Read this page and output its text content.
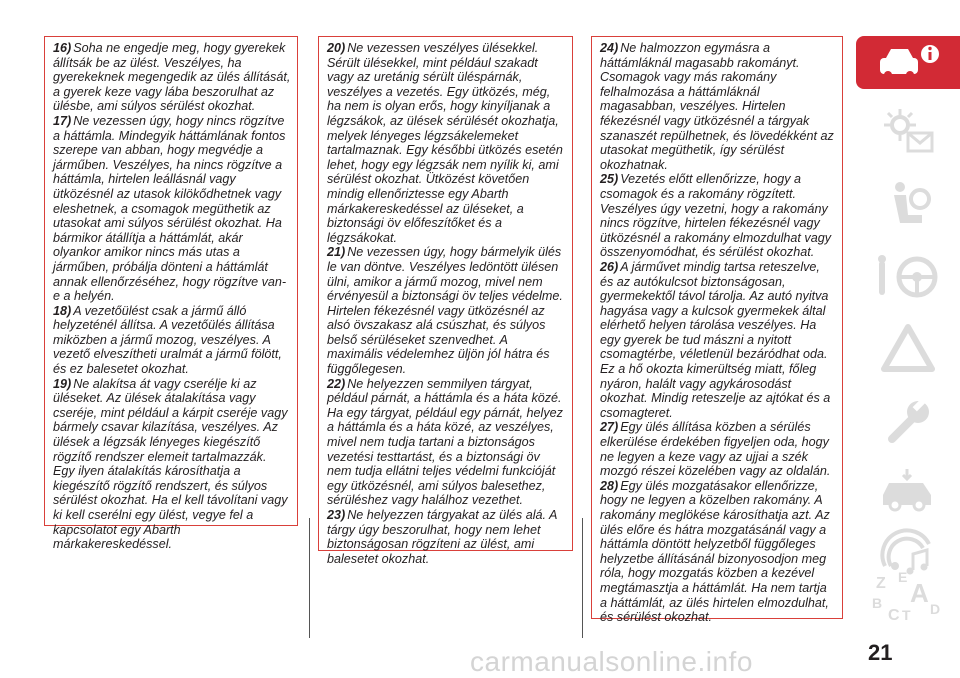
16) Soha ne engedje meg, hogy gyerekek állítsák be az ülést. Veszélyes, ha gyerekeknek megengedik az ülés állítását, a gyerek keze vagy lába beszorulhat az ülésbe, ami súlyos sérülést okozhat.

17) Ne vezessen úgy, hogy nincs rögzítve a háttámla. Mindegyik háttámlának fontos szerepe van abban, hogy megvédje a járműben. Veszélyes, ha nincs rögzítve a háttámla, hirtelen leállásnál vagy ütközésnél az utasok kilökődhetnek vagy eleshetnek, a csomagok megüthetik az utasokat ami súlyos sérülést okozhat. Ha bármikor átállítja a háttámlát, akár olyankor amikor nincs más utas a járműben, próbálja dönteni a háttámlát annak ellenőrzéséhez, hogy rögzítve van-e a helyén.

18) A vezetőülést csak a jármű álló helyzeténél állítsa. A vezetőülés állítása miközben a jármű mozog, veszélyes. A vezető elveszítheti uralmát a jármű fölött, és ez balesetet okozhat.

19) Ne alakítsa át vagy cserélje ki az üléseket. Az ülések átalakítása vagy cseréje, mint például a kárpit cseréje vagy bármely csavar kilazítása, veszélyes. Az ülések a légzsák lényeges kiegészítő rögzítő rendszer elemeit tartalmazzák. Egy ilyen átalakítás károsíthatja a kiegészítő rögzítő rendszert, és súlyos sérülést okozhat. Ha el kell távolítani vagy ki kell cserélni egy ülést, vegye fel a kapcsolatot egy Abarth márkakereskedéssel.

20) Ne vezessen veszélyes ülésekkel. Sérült ülésekkel, mint például szakadt vagy az uretánig sérült üléspárnák, veszélyes a vezetés. Egy ütközés, még, ha nem is olyan erős, hogy kinyíljanak a légzsákok, az ülések sérülését okozhatja, melyek lényeges légzsákelemeket tartalmaznak. Egy későbbi ütközés esetén lehet, hogy egy légzsák nem nyílik ki, ami sérülést okozhat. Ütközést követően mindig ellenőriztesse egy Abarth márkakereskedéssel az üléseket, a biztonsági öv előfeszítőket és a légzsákokat.

21) Ne vezessen úgy, hogy bármelyik ülés le van döntve. Veszélyes ledöntött ülésen ülni, amikor a jármű mozog, mivel nem érvényesül a biztonsági öv teljes védelme. Hirtelen fékezésnél vagy ütközésnél az alsó övszakasz alá csúszhat, és súlyos belső sérüléseket szenvedhet. A maximális védelemhez üljön jól hátra és függőlegesen.

22) Ne helyezzen semmilyen tárgyat, például párnát, a háttámla és a háta közé. Ha egy tárgyat, például egy párnát, helyez a háttámla és a háta közé, az veszélyes, mivel nem tudja tartani a biztonságos vezetési testtartást, és a biztonsági öv nem tudja ellátni teljes védelmi funkcióját egy ütközésnél, ami súlyos balesethez, sérüléshez vagy halálhoz vezethet.

23) Ne helyezzen tárgyakat az ülés alá. A tárgy úgy beszorulhat, hogy nem lehet biztonságosan rögzíteni az ülést, ami balesetet okozhat.

24) Ne halmozzon egymásra a háttámláknál magasabb rakományt. Csomagok vagy más rakomány felhalmozása a háttámláknál magasabban, veszélyes. Hirtelen fékezésnél vagy ütközésnél a tárgyak szanaszét repülhetnek, és lövedékként az utasokat megüthetik, így sérülést okozhatnak.

25) Vezetés előtt ellenőrizze, hogy a csomagok és a rakomány rögzített. Veszélyes úgy vezetni, hogy a rakomány nincs rögzítve, hirtelen fékezésnél vagy ütközésnél a rakomány elmozdulhat vagy összenyomódhat, és sérülést okozhat.

26) A járművet mindig tartsa reteszelve, és az autókulcsot biztonságosan, gyermekektől távol tárolja. Az autó nyitva hagyása vagy a kulcsok gyermekek által elérhető helyen tárolása veszélyes. Ha egy gyerek be tud mászni a nyitott csomagtérbe, véletlenül bezáródhat oda. Ez a hő okozta kimerültség miatt, főleg nyáron, halált vagy agykárosodást okozhat. Mindig reteszelje az ajtókat és a csomagteret.

27) Egy ülés állítása közben a sérülés elkerülése érdekében figyeljen oda, hogy ne legyen a keze vagy az ujjai a szék mozgó részei közelében vagy az oldalán.

28) Egy ülés mozgatásakor ellenőrizze, hogy ne legyen a közelben rakomány. A rakomány meglökése károsíthatja azt. Az ülés előre és hátra mozgatásánál vagy a háttámla döntött helyzetből függőleges helyzetbe állításánál bizonyosodjon meg róla, hogy mozgatás közben a kezével megtámasztja a háttámlát. Ha nem tartja a háttámlát, az ülés hirtelen elmozdulhat, és sérülést okozhat.

Z E
B A
C T D
21
carmanualsonline.info
